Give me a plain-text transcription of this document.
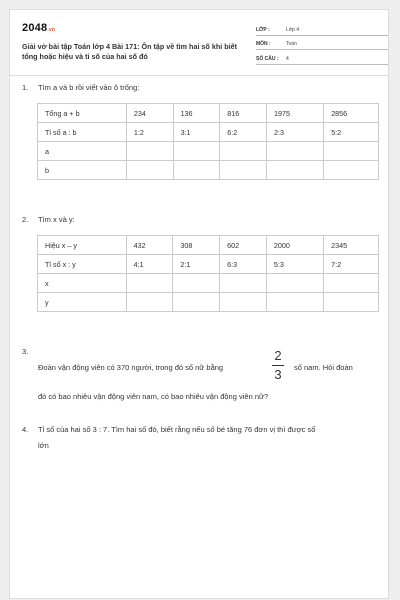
2048.vn
Giải vở bài tập Toán lớp 4 Bài 171: Ôn tập về tìm hai số khi biết tổng hoặc hiệu và tỉ số của hai số đó
LỚP :	Lớp 4
MÔN :	Toán
SỐ CÂU : 4
1. Tìm a và b rồi viết vào ô trống:
Tổng a + b	234	136	816	1975	2856
Tỉ số a : b	1:2	3:1	6:2	2:3	5:2
a					
b					
2. Tìm x và y:
Hiệu x – y	432	308	602	2000	2345
Tỉ số x : y	4:1	2:1	6:3	5:3	7:2
x					
y					
3.
Đoàn vận động viên có 370 người, trong đó số nữ bằng
2
3	số nam. Hỏi đoàn
đó có bao nhiêu vận động viên nam, có bao nhiêu vận động viên nữ?
4. Tỉ số của hai số 3 : 7. Tìm hai số đó, biết rằng nếu số bé tăng 76 đơn vị thì được số
lớn
